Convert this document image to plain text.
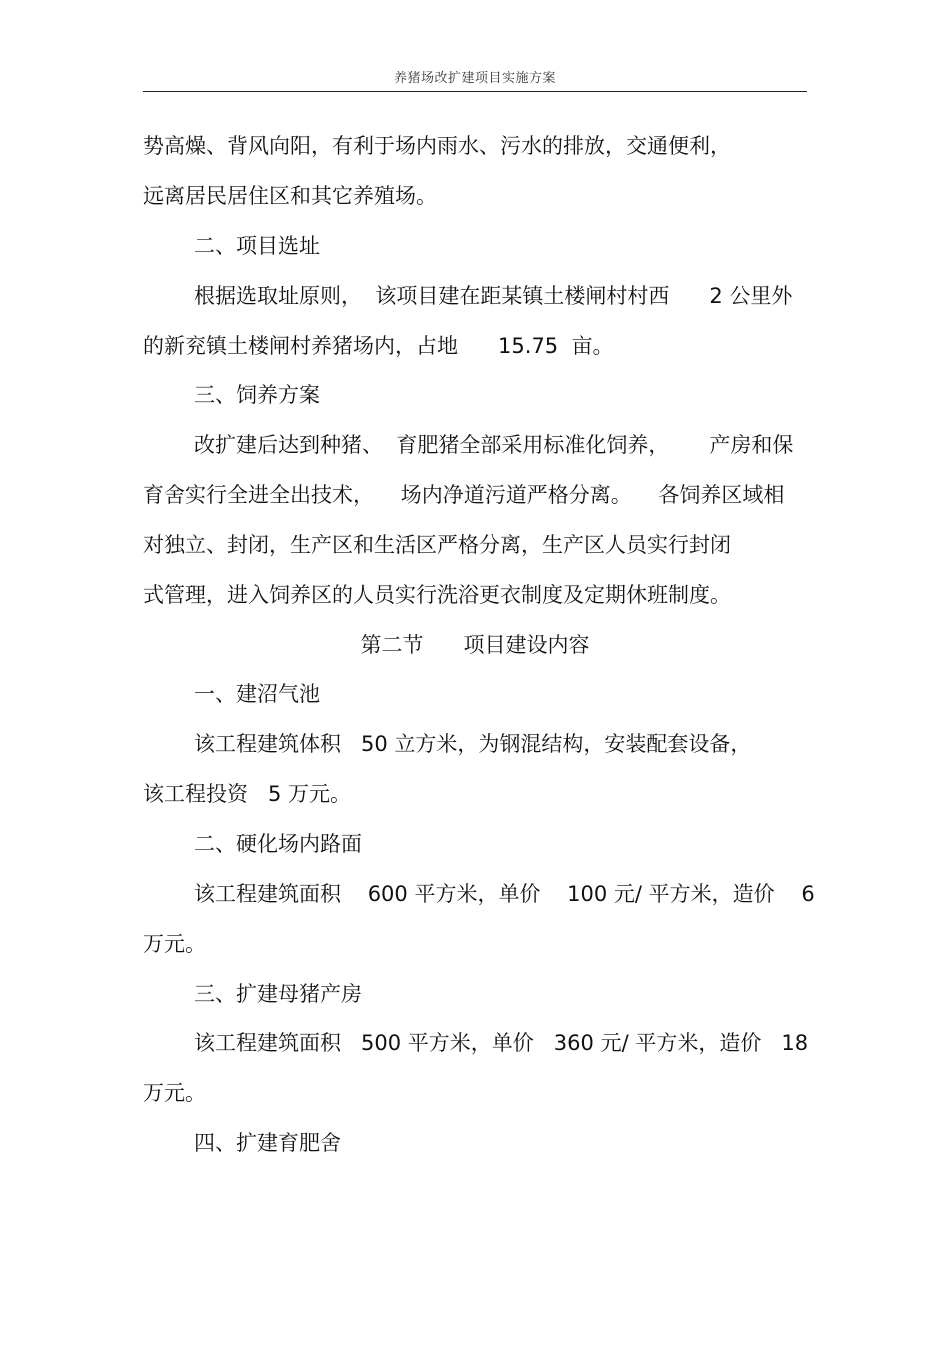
养猪场改扩建项目实施方案
势高燥、背风向阳，有利于场内雨水、污水的排放，交通便利，
远离居民居住区和其它养殖场。
二、项目选址
根据选取址原则，  该项目建在距某镇土楼闸村村西      2 公里外
的新兖镇土楼闸村养猪场内，占地      15.75  亩。
三、饲养方案
改扩建后达到种猪、  育肥猪全部采用标准化饲养，      产房和保
育舍实行全进全出技术，    场内净道污道严格分离。    各饲养区域相
对独立、封闭，生产区和生活区严格分离，生产区人员实行封闭
式管理，进入饲养区的人员实行洗浴更衣制度及定期休班制度。
第二节      项目建设内容
一、建沼气池
该工程建筑体积   50 立方米，为钢混结构，安装配套设备，
该工程投资   5 万元。
二、硬化场内路面
该工程建筑面积    600 平方米，单价    100 元/ 平方米，造价    6
万元。
三、扩建母猪产房
该工程建筑面积   500 平方米，单价   360 元/ 平方米，造价   18
万元。
四、扩建育肥舍
